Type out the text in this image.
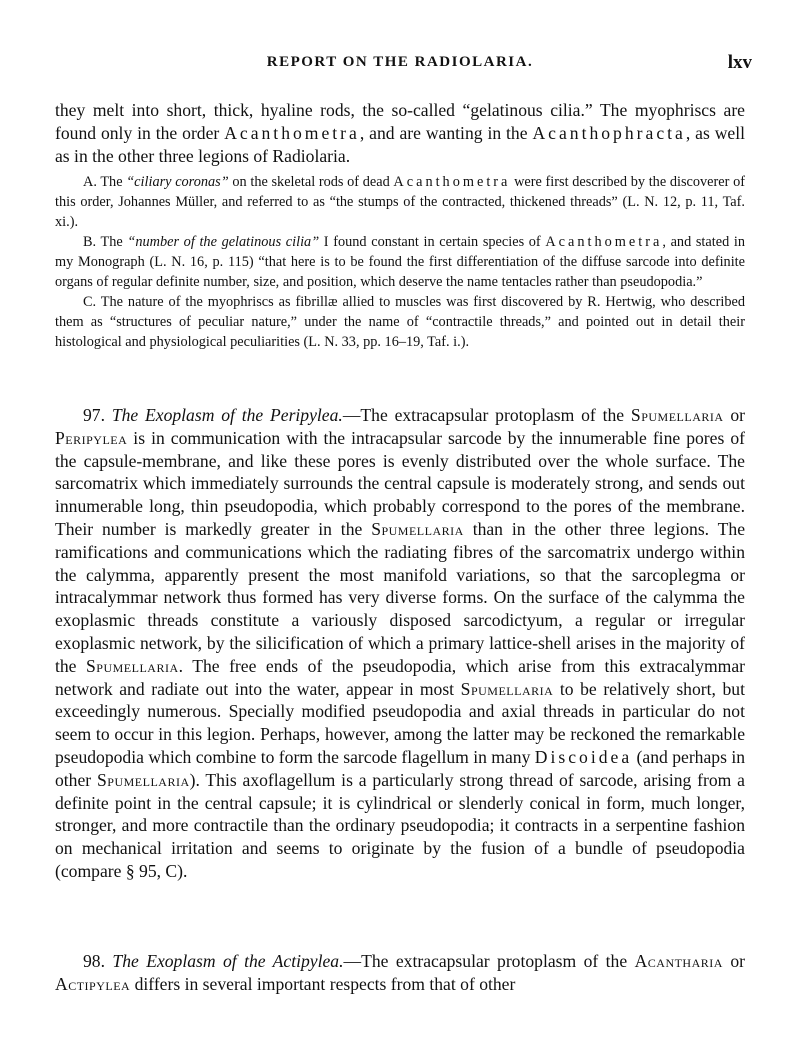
REPORT ON THE RADIOLARIA.	lxv

they melt into short, thick, hyaline rods, the so-called “gelatinous cilia.” The myophriscs are found only in the order Acanthometra, and are wanting in the Acanthophracta, as well as in the other three legions of Radiolaria.

A. The “ciliary coronas” on the skeletal rods of dead Acanthometra were first described by the discoverer of this order, Johannes Müller, and referred to as “the stumps of the contracted, thickened threads” (L. N. 12, p. 11, Taf. xi.).

B. The “number of the gelatinous cilia” I found constant in certain species of Acanthometra, and stated in my Monograph (L. N. 16, p. 115) “that here is to be found the first differentiation of the diffuse sarcode into definite organs of regular definite number, size, and position, which deserve the name tentacles rather than pseudopodia.”

C. The nature of the myophriscs as fibrillæ allied to muscles was first discovered by R. Hertwig, who described them as “structures of peculiar nature,” under the name of “contractile threads,” and pointed out in detail their histological and physiological peculiarities (L. N. 33, pp. 16–19, Taf. i.).

97. The Exoplasm of the Peripylea.—The extracapsular protoplasm of the Spumellaria or Peripylea is in communication with the intracapsular sarcode by the innumerable fine pores of the capsule-membrane, and like these pores is evenly distributed over the whole surface. The sarcomatrix which immediately surrounds the central capsule is moderately strong, and sends out innumerable long, thin pseudopodia, which probably correspond to the pores of the membrane. Their number is markedly greater in the Spumellaria than in the other three legions. The ramifications and communications which the radiating fibres of the sarcomatrix undergo within the calymma, apparently present the most manifold variations, so that the sarcoplegma or intracalymmar network thus formed has very diverse forms. On the surface of the calymma the exoplasmic threads constitute a variously disposed sarcodictyum, a regular or irregular exoplasmic network, by the silicification of which a primary lattice-shell arises in the majority of the Spumellaria. The free ends of the pseudopodia, which arise from this extracalymmar network and radiate out into the water, appear in most Spumellaria to be relatively short, but exceedingly numerous. Specially modified pseudopodia and axial threads in particular do not seem to occur in this legion. Perhaps, however, among the latter may be reckoned the remarkable pseudopodia which combine to form the sarcode flagellum in many Discoidea (and perhaps in other Spumellaria). This axoflagellum is a particularly strong thread of sarcode, arising from a definite point in the central capsule; it is cylindrical or slenderly conical in form, much longer, stronger, and more contractile than the ordinary pseudopodia; it contracts in a serpentine fashion on mechanical irritation and seems to originate by the fusion of a bundle of pseudopodia (compare § 95, C).

98. The Exoplasm of the Actipylea.—The extracapsular protoplasm of the Acantharia or Actipylea differs in several important respects from that of other
